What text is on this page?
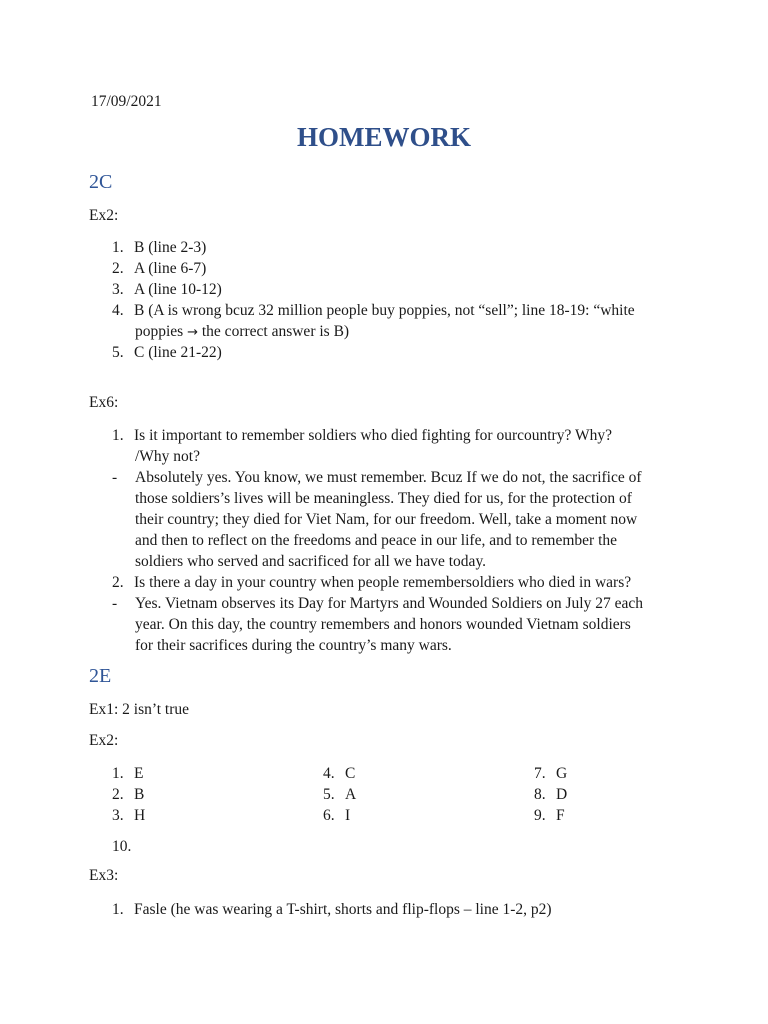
17/09/2021
HOMEWORK
2C
Ex2:
1. B (line 2-3)
2. A (line 6-7)
3. A (line 10-12)
4. B (A is wrong bcuz 32 million people buy poppies, not “sell”; line 18-19: “white
poppies → the correct answer is B)
5. C (line 21-22)
Ex6:
1. Is it important to remember soldiers who died fighting for ourcountry? Why?
/Why not?
- Absolutely yes. You know, we must remember. Bcuz If we do not, the sacrifice of
those soldiers’s lives will be meaningless. They died for us, for the protection of
their country; they died for Viet Nam, for our freedom. Well, take a moment now
and then to reflect on the freedoms and peace in our life, and to remember the
soldiers who served and sacrificed for all we have today.
2. Is there a day in your country when people remembersoldiers who died in wars?
- Yes. Vietnam observes its Day for Martyrs and Wounded Soldiers on July 27 each
year. On this day, the country remembers and honors wounded Vietnam soldiers
for their sacrifices during the country’s many wars.
2E
Ex1: 2 isn’t true
Ex2:
1. E
2. B
3. H
4. C
5. A
6. I
7. G
8. D
9. F
10.
Ex3:
1. Fasle (he was wearing a T-shirt, shorts and flip-flops – line 1-2, p2)
